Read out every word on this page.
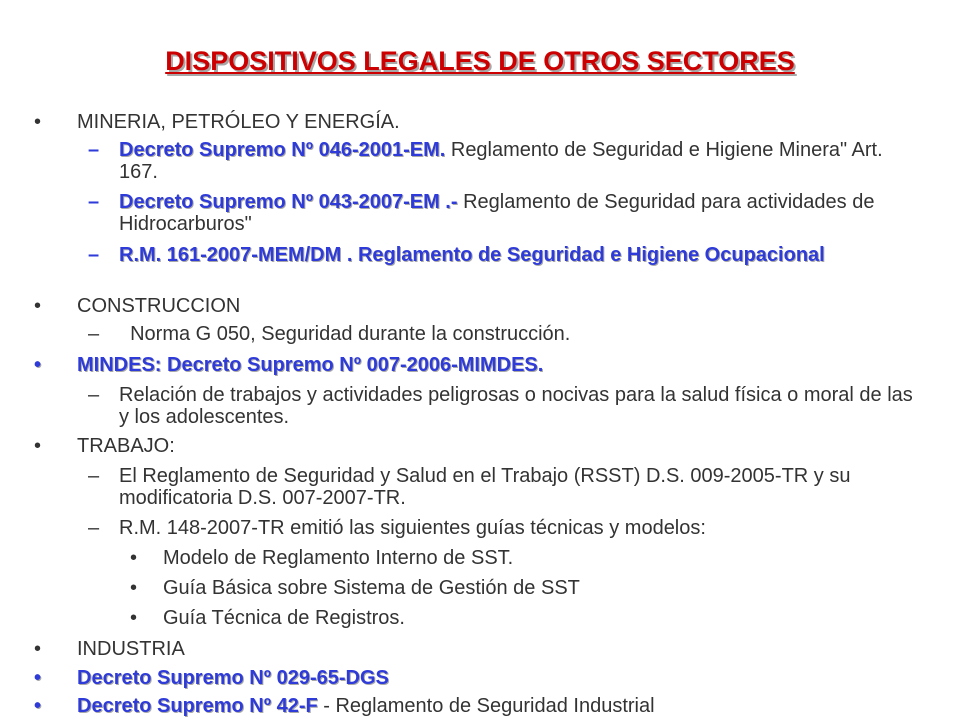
DISPOSITIVOS LEGALES DE OTROS SECTORES
•	MINERIA, PETRÓLEO Y ENERGÍA.
– Decreto Supremo Nº 046-2001-EM. Reglamento de Seguridad e Higiene Minera" Art. 167.
– Decreto Supremo Nº 043-2007-EM .- Reglamento de Seguridad para actividades de Hidrocarburos"
– R.M. 161-2007-MEM/DM . Reglamento de Seguridad e Higiene Ocupacional
•	CONSTRUCCION
– Norma G 050, Seguridad durante la construcción.
•	MINDES: Decreto Supremo Nº 007-2006-MIMDES.
– Relación de trabajos y actividades peligrosas o nocivas para la salud física o moral de las y los adolescentes.
•	TRABAJO:
– El Reglamento de Seguridad y Salud en el Trabajo (RSST) D.S. 009-2005-TR y su modificatoria D.S. 007-2007-TR.
– R.M. 148-2007-TR emitió las siguientes guías técnicas y modelos:
•	Modelo de Reglamento Interno de SST.
•	Guía Básica sobre Sistema de Gestión de SST
•	Guía Técnica de Registros.
•	INDUSTRIA
•	Decreto Supremo Nº 029-65-DGS
•	Decreto Supremo Nº 42-F - Reglamento de Seguridad Industrial
